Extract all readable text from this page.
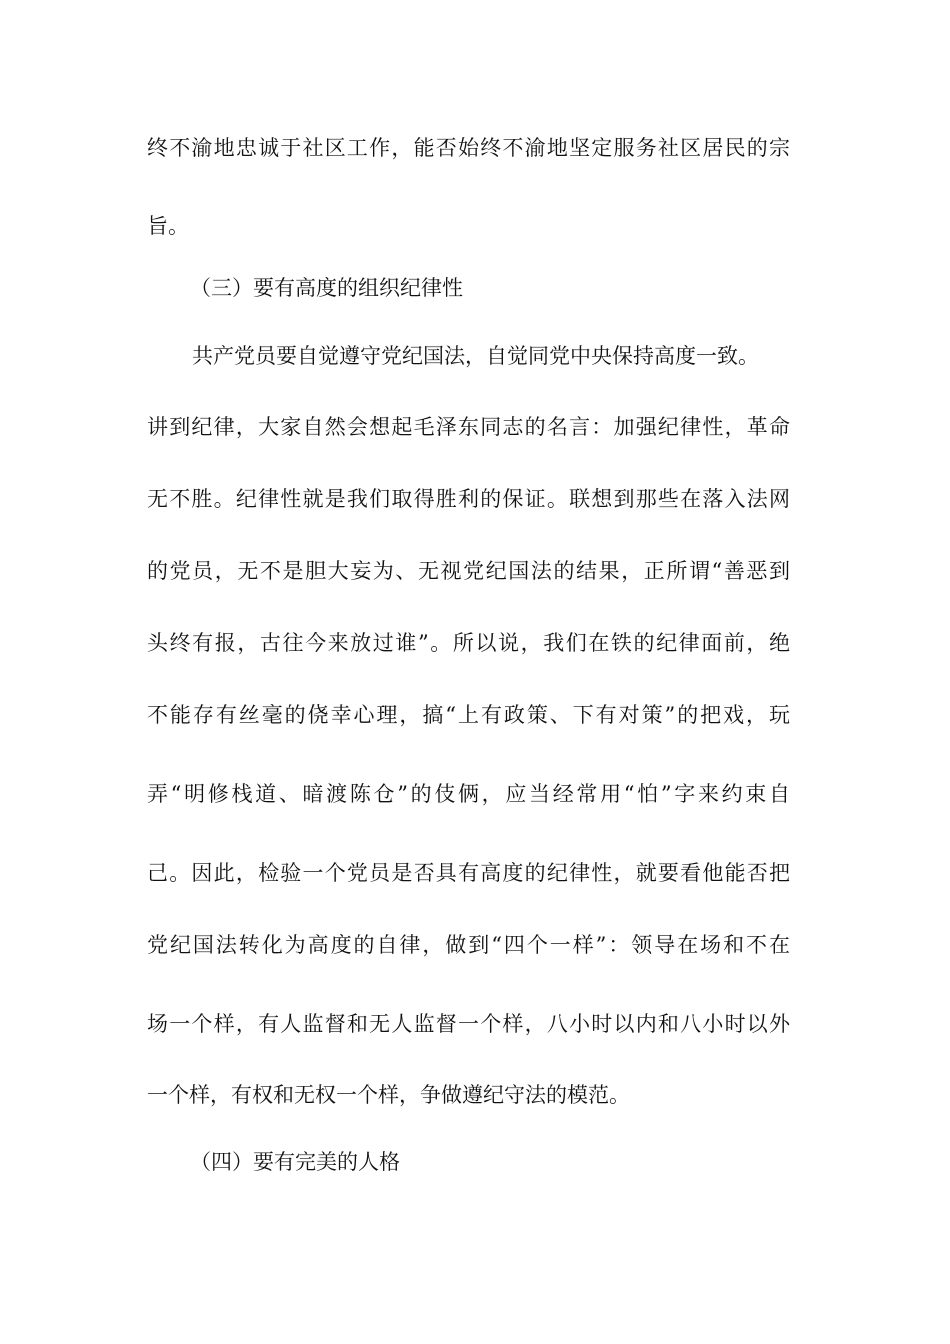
终不渝地忠诚于社区工作，能否始终不渝地坚定服务社区居民的宗
旨。
（三）要有高度的组织纪律性
共产党员要自觉遵守党纪国法，自觉同党中央保持高度一致。
讲到纪律，大家自然会想起毛泽东同志的名言：加强纪律性，革命
无不胜。纪律性就是我们取得胜利的保证。联想到那些在落入法网
的党员，无不是胆大妄为、无视党纪国法的结果，正所谓“善恶到
头终有报，古往今来放过谁”。所以说，我们在铁的纪律面前，绝
不能存有丝毫的侥幸心理，搞“上有政策、下有对策”的把戏，玩
弄“明修栈道、暗渡陈仓”的伎俩，应当经常用“怕”字来约束自
己。因此，检验一个党员是否具有高度的纪律性，就要看他能否把
党纪国法转化为高度的自律，做到“四个一样”：领导在场和不在
场一个样，有人监督和无人监督一个样，八小时以内和八小时以外
一个样，有权和无权一个样，争做遵纪守法的模范。
（四）要有完美的人格
